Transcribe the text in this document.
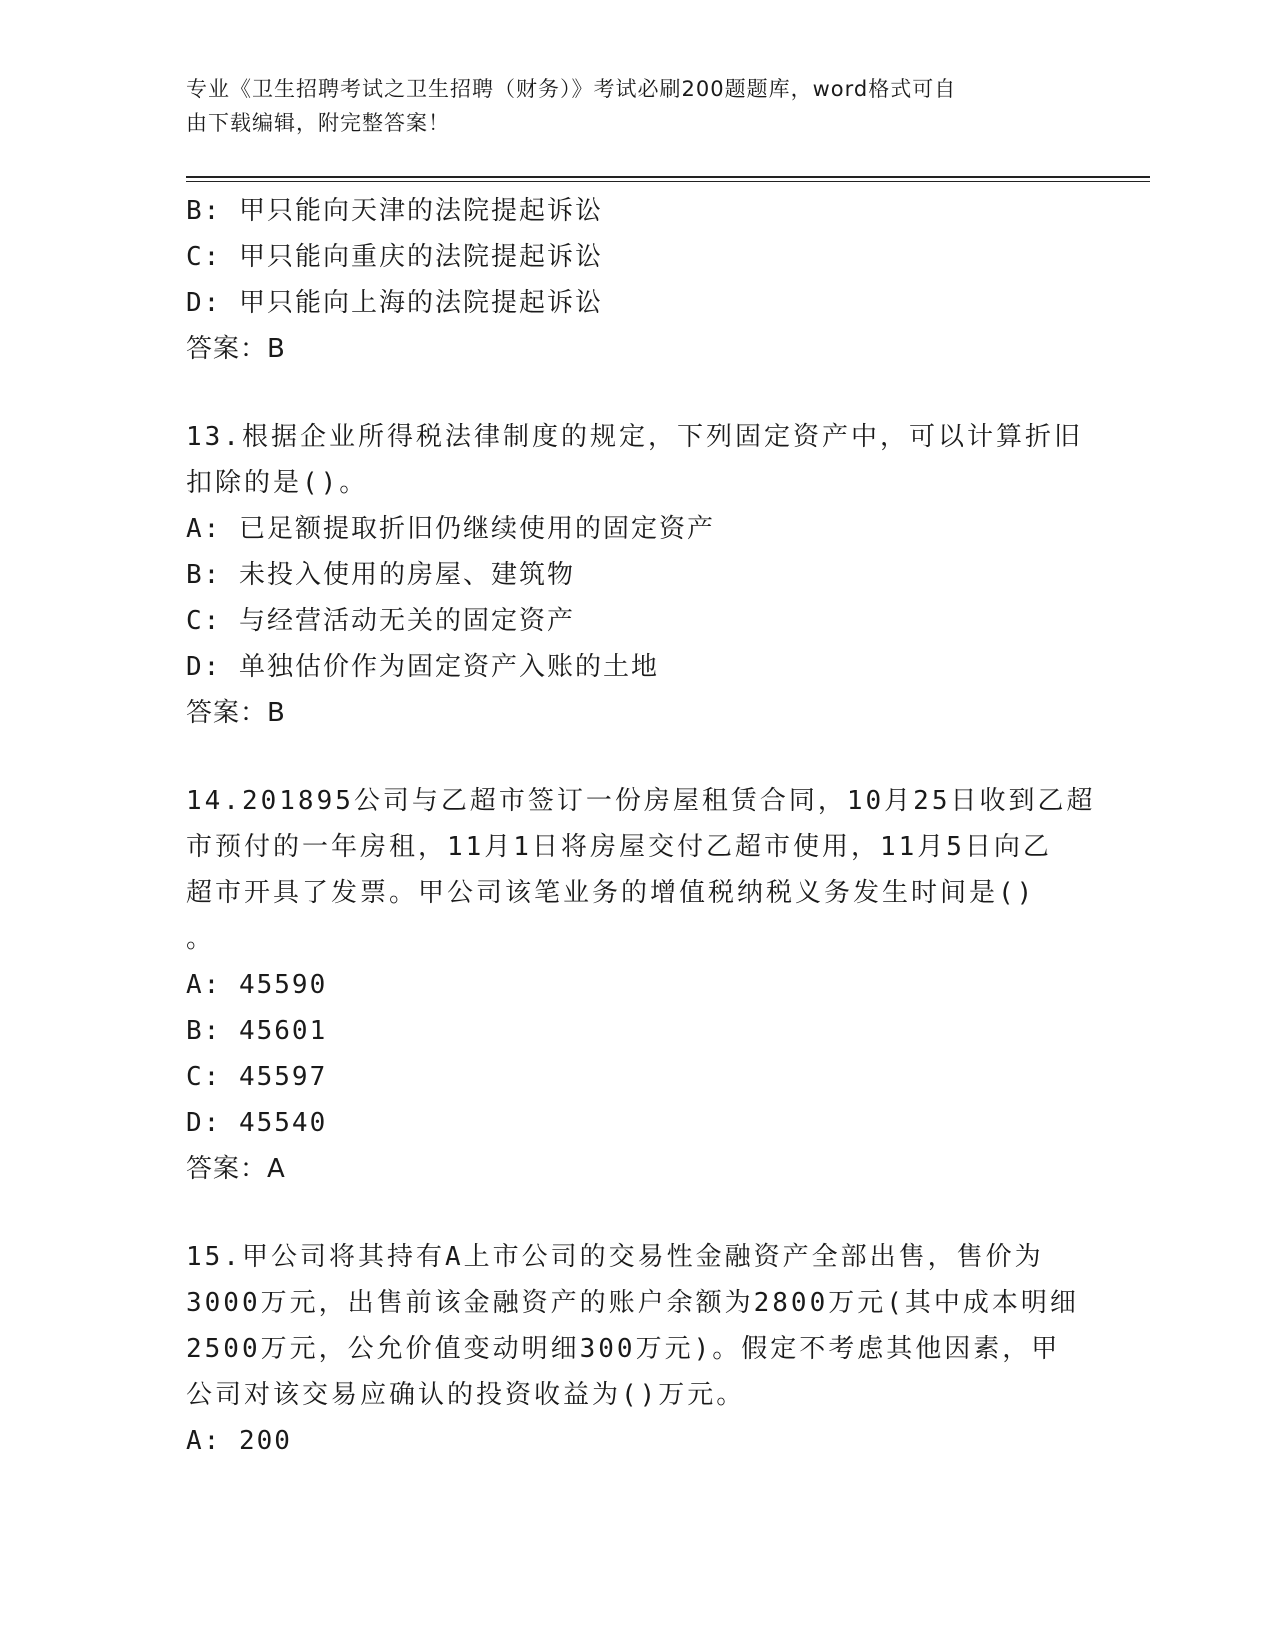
专业《卫生招聘考试之卫生招聘（财务）》考试必刷200题题库，word格式可自
由下载编辑，附完整答案！
B: 甲只能向天津的法院提起诉讼
C: 甲只能向重庆的法院提起诉讼
D: 甲只能向上海的法院提起诉讼
答案：B
13.根据企业所得税法律制度的规定，下列固定资产中，可以计算折旧
扣除的是()。
A: 已足额提取折旧仍继续使用的固定资产
B: 未投入使用的房屋、建筑物
C: 与经营活动无关的固定资产
D: 单独估价作为固定资产入账的土地
答案：B
14.201895公司与乙超市签订一份房屋租赁合同，10月25日收到乙超
市预付的一年房租，11月1日将房屋交付乙超市使用，11月5日向乙
超市开具了发票。甲公司该笔业务的增值税纳税义务发生时间是()
。
A: 45590
B: 45601
C: 45597
D: 45540
答案：A
15.甲公司将其持有A上市公司的交易性金融资产全部出售，售价为
3000万元，出售前该金融资产的账户余额为2800万元(其中成本明细
2500万元，公允价值变动明细300万元)。假定不考虑其他因素，甲
公司对该交易应确认的投资收益为()万元。
A: 200
